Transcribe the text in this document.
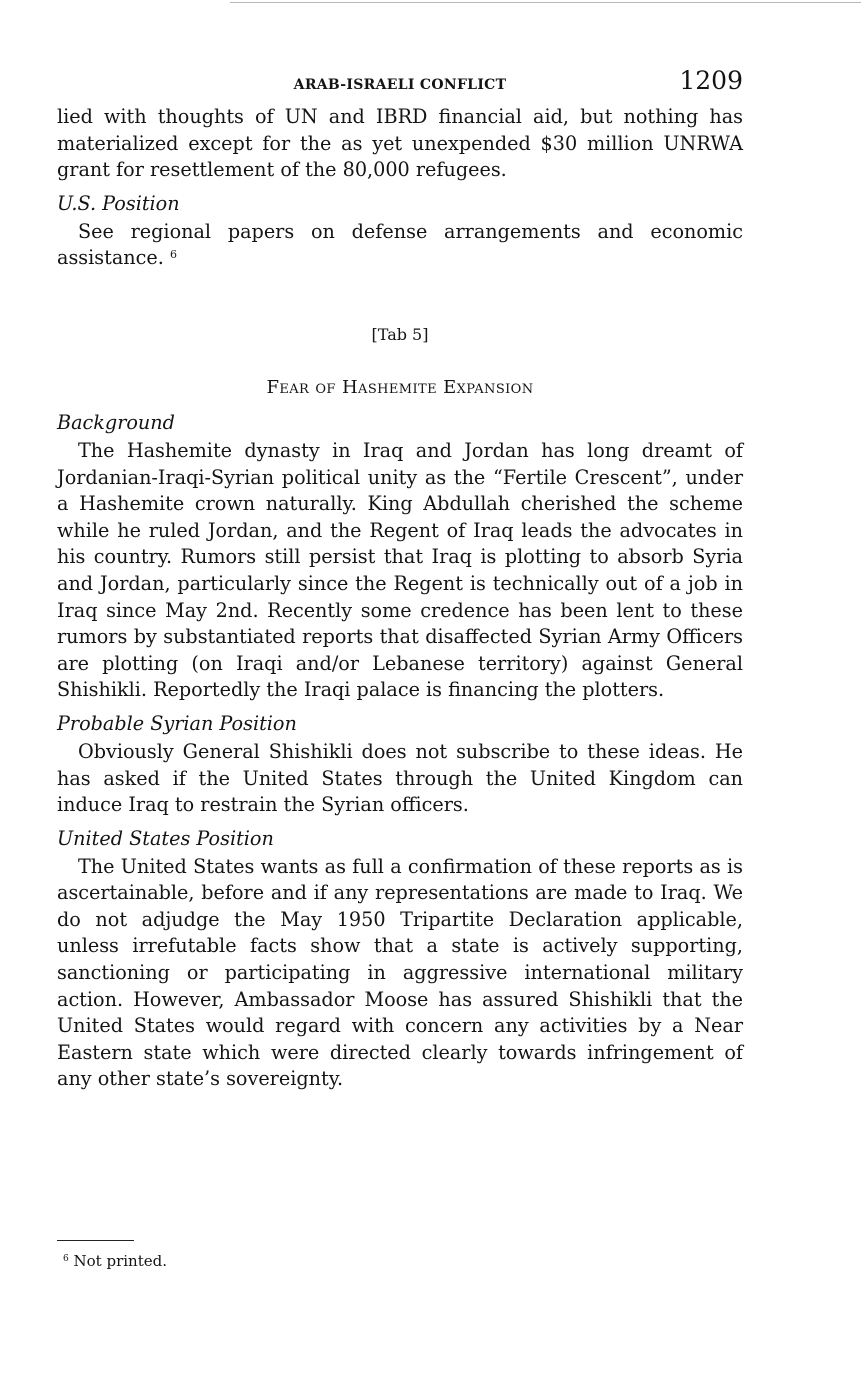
ARAB-ISRAELI CONFLICT	1209

lied with thoughts of UN and IBRD financial aid, but nothing has materialized except for the as yet unexpended $30 million UNRWA grant for resettlement of the 80,000 refugees.

U.S. Position

See regional papers on defense arrangements and economic assistance. $^6$

[Tab 5]
Fear of Hashemite Expansion
Background

The Hashemite dynasty in Iraq and Jordan has long dreamt of Jordanian-Iraqi-Syrian political unity as the “Fertile Crescent”, under a Hashemite crown naturally. King Abdullah cherished the scheme while he ruled Jordan, and the Regent of Iraq leads the advocates in his country. Rumors still persist that Iraq is plotting to absorb Syria and Jordan, particularly since the Regent is technically out of a job in Iraq since May 2nd. Recently some credence has been lent to these rumors by substantiated reports that disaffected Syrian Army Officers are plotting (on Iraqi and/or Lebanese territory) against General Shishikli. Reportedly the Iraqi palace is financing the plotters.

Probable Syrian Position

Obviously General Shishikli does not subscribe to these ideas. He has asked if the United States through the United Kingdom can induce Iraq to restrain the Syrian officers.

United States Position

The United States wants as full a confirmation of these reports as is ascertainable, before and if any representations are made to Iraq. We do not adjudge the May 1950 Tripartite Declaration applicable, unless irrefutable facts show that a state is actively supporting, sanctioning or participating in aggressive international military action. However, Ambassador Moose has assured Shishikli that the United States would regard with concern any activities by a Near Eastern state which were directed clearly towards infringement of any other state’s sovereignty.

$^6$ Not printed.
